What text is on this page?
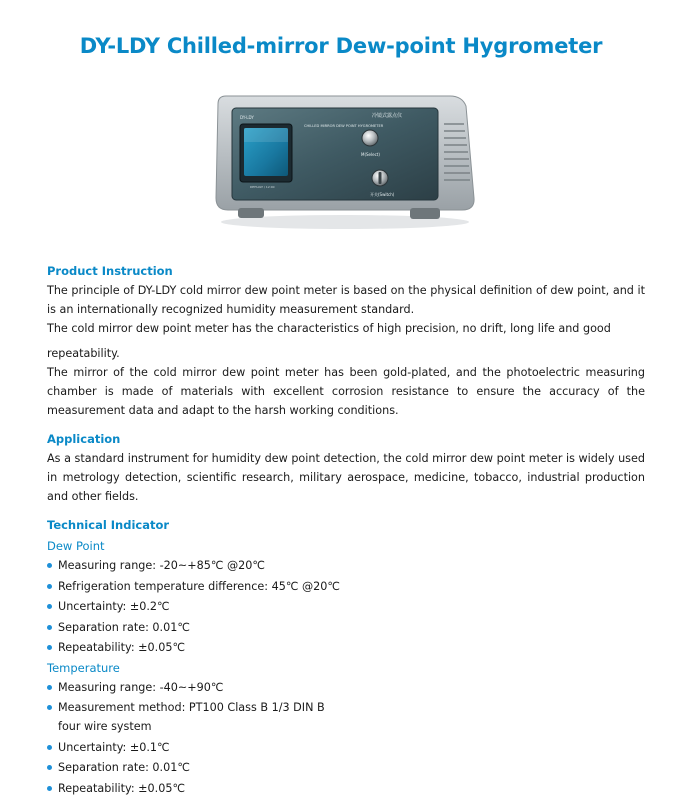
DY-LDY Chilled-mirror Dew-point Hygrometer
DY-LDY	冷镜式露点仪
CHILLED MIRROR DEW POINT HYGROMETER
DEFAULT / 12:00
M(Select)
开关(Switch)

Product Instruction

The principle of DY-LDY cold mirror dew point meter is based on the physical definition of dew point, and it is an internationally recognized humidity measurement standard.

The cold mirror dew point meter has the characteristics of high precision, no drift, long life and good

repeatability.

The mirror of the cold mirror dew point meter has been gold-plated, and the photoelectric measuring chamber is made of materials with excellent corrosion resistance to ensure the accuracy of the measurement data and adapt to the harsh working conditions.

Application

As a standard instrument for humidity dew point detection, the cold mirror dew point meter is widely used in metrology detection, scientific research, military aerospace, medicine, tobacco, industrial production and other fields.

Technical Indicator

Dew Point

Measuring range: -20~+85℃ @20℃
Refrigeration temperature difference: 45℃ @20℃
Uncertainty: ±0.2℃
Separation rate: 0.01℃
Repeatability: ±0.05℃

Temperature

Measuring range: -40~+90℃
Measurement method: PT100 Class B 1/3 DIN B four wire system
Uncertainty: ±0.1℃
Separation rate: 0.01℃
Repeatability: ±0.05℃
